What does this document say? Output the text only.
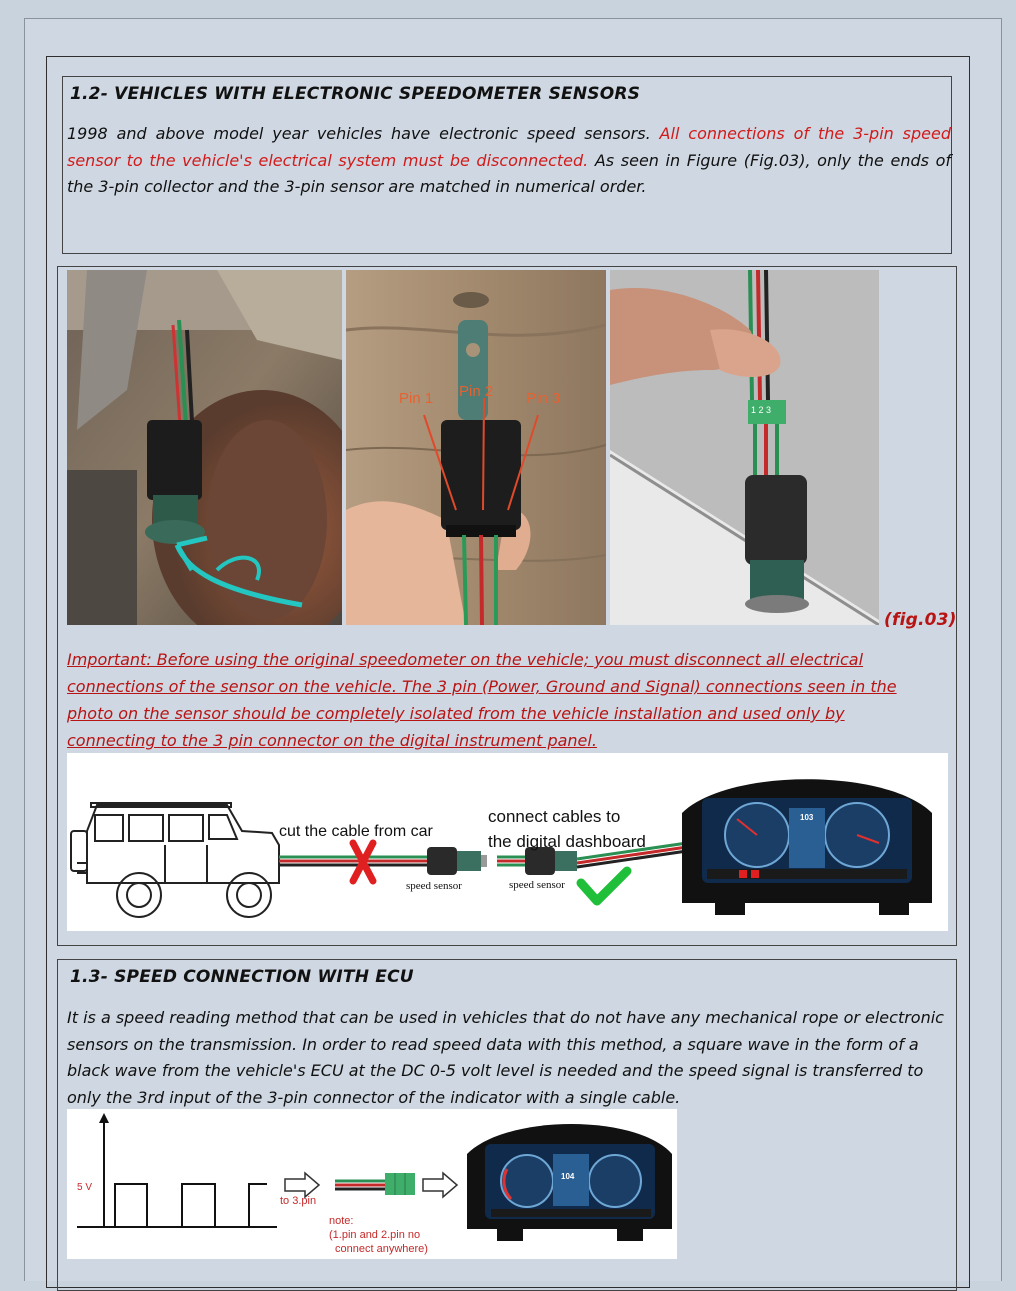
1.2- VEHICLES WITH ELECTRONIC SPEEDOMETER SENSORS
1998 and above model year vehicles have electronic speed sensors. All connections of the 3-pin speed sensor to the vehicle's electrical system must be disconnected. As seen in Figure (Fig.03), only the ends of the 3-pin collector and the 3-pin sensor are matched in numerical order.
Pin 1 Pin 2 Pin 3
1 2 3
(fig.03)
Important: Before using the original speedometer on the vehicle; you must disconnect all electrical connections of the sensor on the vehicle. The 3 pin (Power, Ground and Signal) connections seen in the photo on the sensor should be completely isolated from the vehicle installation and used only by connecting to the 3 pin connector on the digital instrument panel.
cut the cable from car
connect cables to
the digital dashboard
speed sensor	speed sensor
103
1.3- SPEED CONNECTION WITH ECU
It is a speed reading method that can be used in vehicles that do not have any mechanical rope or electronic sensors on the transmission. In order to read speed data with this method, a square wave in the form of a black wave from the vehicle's ECU at the DC 0-5 volt level is needed and the speed signal is transferred to only the 3rd input of the 3-pin connector of the indicator with a single cable.
5 V
to 3.pin
note:
(1.pin and 2.pin no
connect anywhere)
104
